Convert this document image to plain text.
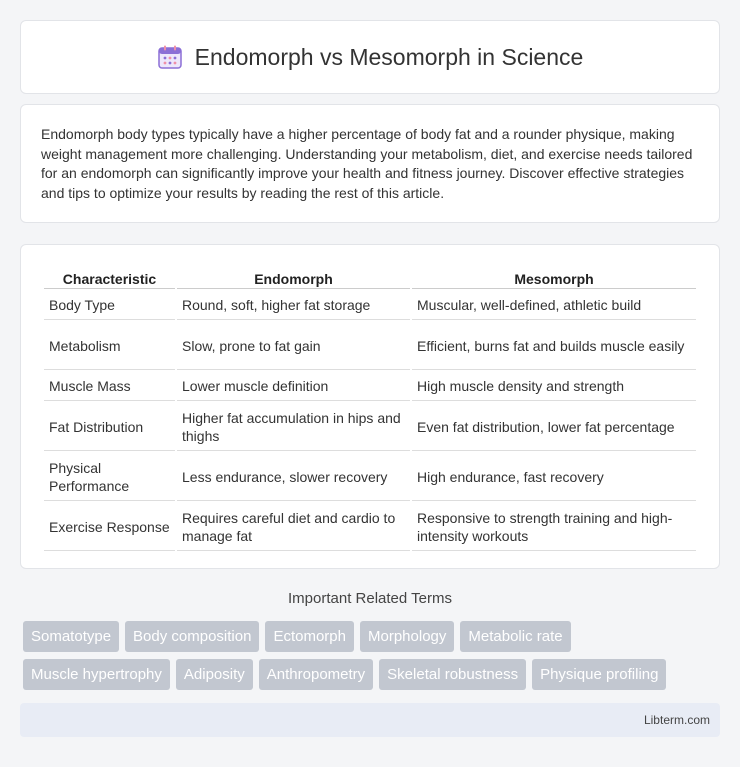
Endomorph vs Mesomorph in Science

Endomorph body types typically have a higher percentage of body fat and a rounder physique, making weight management more challenging. Understanding your metabolism, diet, and exercise needs tailored for an endomorph can significantly improve your health and fitness journey. Discover effective strategies and tips to optimize your results by reading the rest of this article.

Characteristic	Endomorph	Mesomorph
Body Type	Round, soft, higher fat storage	Muscular, well-defined, athletic build
Metabolism	Slow, prone to fat gain	Efficient, burns fat and builds muscle easily
Muscle Mass	Lower muscle definition	High muscle density and strength
Fat Distribution	Higher fat accumulation in hips and thighs	Even fat distribution, lower fat percentage
Physical Performance	Less endurance, slower recovery	High endurance, fast recovery
Exercise Response	Requires careful diet and cardio to manage fat	Responsive to strength training and high-intensity workouts
Important Related Terms
Somatotype	Body composition	Ectomorph	Morphology	Metabolic rate
Muscle hypertrophy	Adiposity	Anthropometry	Skeletal robustness	Physique profiling
Libterm.com
